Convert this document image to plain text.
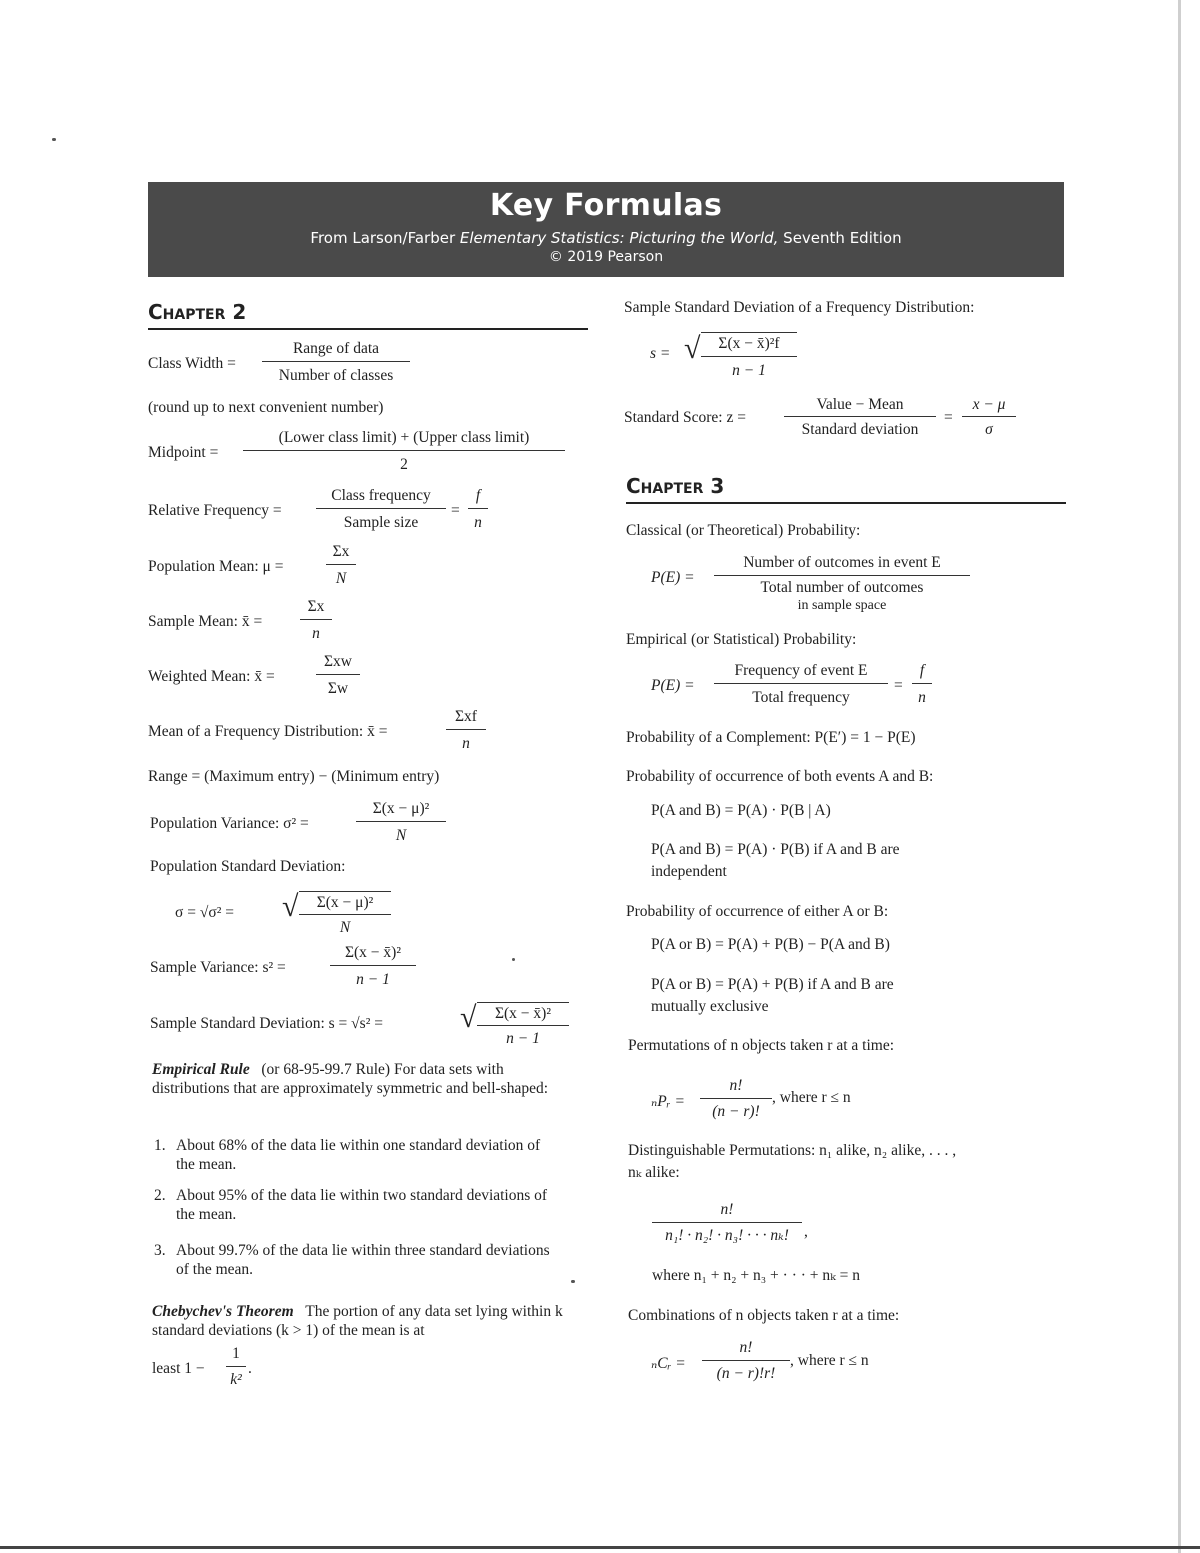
Key Formulas
From Larson/Farber Elementary Statistics: Picturing the World, Seventh Edition
© 2019 Pearson
Chapter 2
Class Width =
Range of data
Number of classes
(round up to next convenient number)
Midpoint =
(Lower class limit) + (Upper class limit)
2
Relative Frequency =
Class frequency
Sample size
=
f
n
Population Mean: μ =
Σx
N
Sample Mean: x̄ =
Σx
n
Weighted Mean: x̄ =
Σxw
Σw
Mean of a Frequency Distribution: x̄ =
Σxf
n
Range = (Maximum entry) − (Minimum entry)
Population Variance: σ² =
Σ(x − μ)²
N
Population Standard Deviation:
σ = √σ² = √	Σ(x − μ)²
N
Sample Variance: s² =
Σ(x − x̄)²
n − 1
Sample Standard Deviation: s = √s² =	√	Σ(x − x̄)²
n − 1
Empirical Rule (or 68-95-99.7 Rule) For data sets with distributions that are approximately symmetric and bell-shaped:
1. About 68% of the data lie within one standard deviation of the mean.
2. About 95% of the data lie within two standard deviations of the mean.
3. About 99.7% of the data lie within three standard deviations of the mean.
Chebychev's Theorem The portion of any data set lying within k standard deviations (k > 1) of the mean is at
least 1 −
1
k²
.
Sample Standard Deviation of a Frequency Distribution:
s = √	Σ(x − x̄)²f
n − 1
Standard Score: z =
Value − Mean
Standard deviation
=
x − μ
σ
Chapter 3
Classical (or Theoretical) Probability:
P(E) =
Number of outcomes in event E
Total number of outcomes
in sample space
Empirical (or Statistical) Probability:
P(E) =
Frequency of event E
Total frequency
=
f
n
Probability of a Complement: P(E′) = 1 − P(E)
Probability of occurrence of both events A and B:
P(A and B) = P(A) · P(B | A)
P(A and B) = P(A) · P(B) if A and B are
independent
Probability of occurrence of either A or B:
P(A or B) = P(A) + P(B) − P(A and B)
P(A or B) = P(A) + P(B) if A and B are
mutually exclusive
Permutations of n objects taken r at a time:
ₙPᵣ =
n!
(n − r)!
, where r ≤ n
Distinguishable Permutations: n₁ alike, n₂ alike, . . . ,
nₖ alike:
n!
n₁! · n₂! · n₃! · · · nₖ! ,
where n₁ + n₂ + n₃ + · · · + nₖ = n
Combinations of n objects taken r at a time:
ₙCᵣ =
n!
(n − r)!r!
, where r ≤ n
